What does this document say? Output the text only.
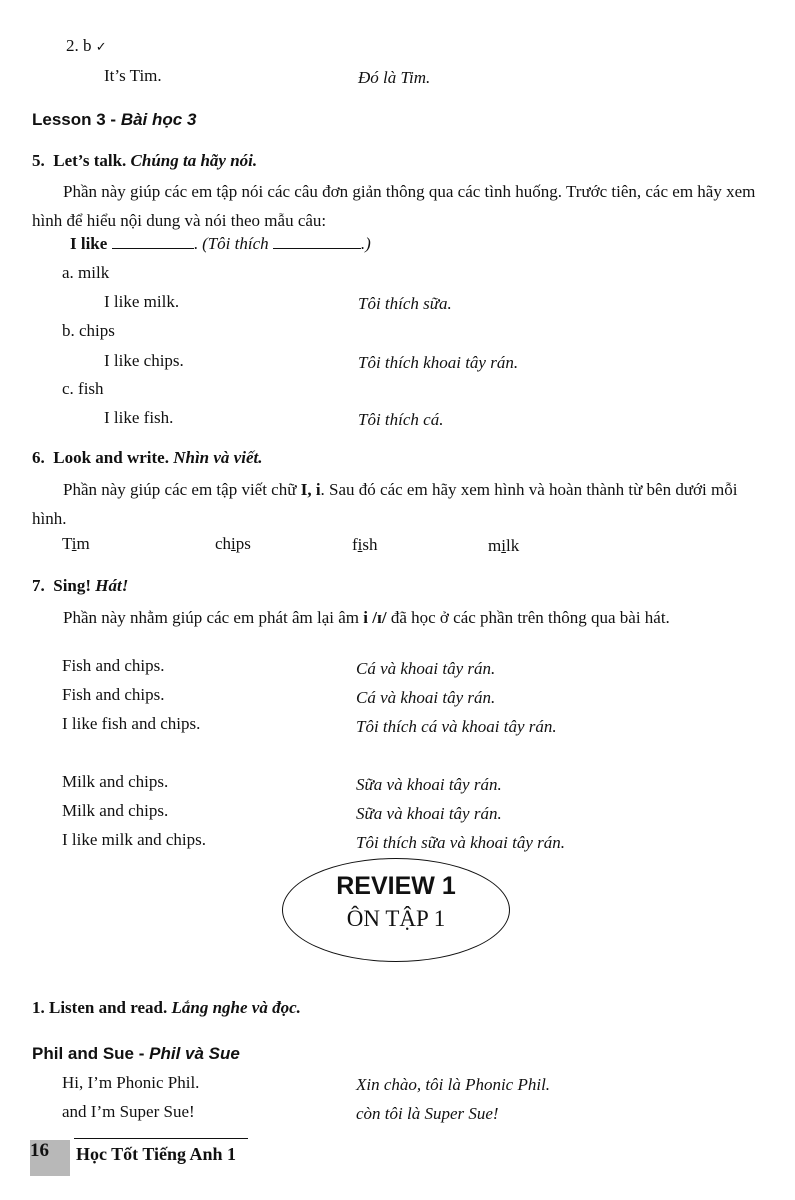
2. b ✓
It’s Tim.	Đó là Tim.
Lesson 3 - Bài học 3
5. Let’s talk. Chúng ta hãy nói.
Phần này giúp các em tập nói các câu đơn giản thông qua các tình huống. Trước tiên, các em hãy xem hình để hiểu nội dung và nói theo mẫu câu:
I like	. (Tôi thích	.)
a. milk
I like milk.	Tôi thích sữa.
b. chips
I like chips.	Tôi thích khoai tây rán.
c. fish
I like fish.	Tôi thích cá.
6. Look and write. Nhìn và viết.
Phần này giúp các em tập viết chữ I, i. Sau đó các em hãy xem hình và hoàn thành từ bên dưới mỗi hình.
Tim	chips	fish	milk
7. Sing! Hát!
Phần này nhằm giúp các em phát âm lại âm i /ɪ/ đã học ở các phần trên thông qua bài hát.
Fish and chips.	Cá và khoai tây rán.
Fish and chips.	Cá và khoai tây rán.
I like fish and chips.	Tôi thích cá và khoai tây rán.
Milk and chips.	Sữa và khoai tây rán.
Milk and chips.	Sữa và khoai tây rán.
I like milk and chips.	Tôi thích sữa và khoai tây rán.
REVIEW 1
ÔN TẬP 1
1. Listen and read. Lắng nghe và đọc.
Phil and Sue - Phil và Sue
Hi, I’m Phonic Phil.	Xin chào, tôi là Phonic Phil.
and I’m Super Sue!	còn tôi là Super Sue!
16 Học Tốt Tiếng Anh 1
